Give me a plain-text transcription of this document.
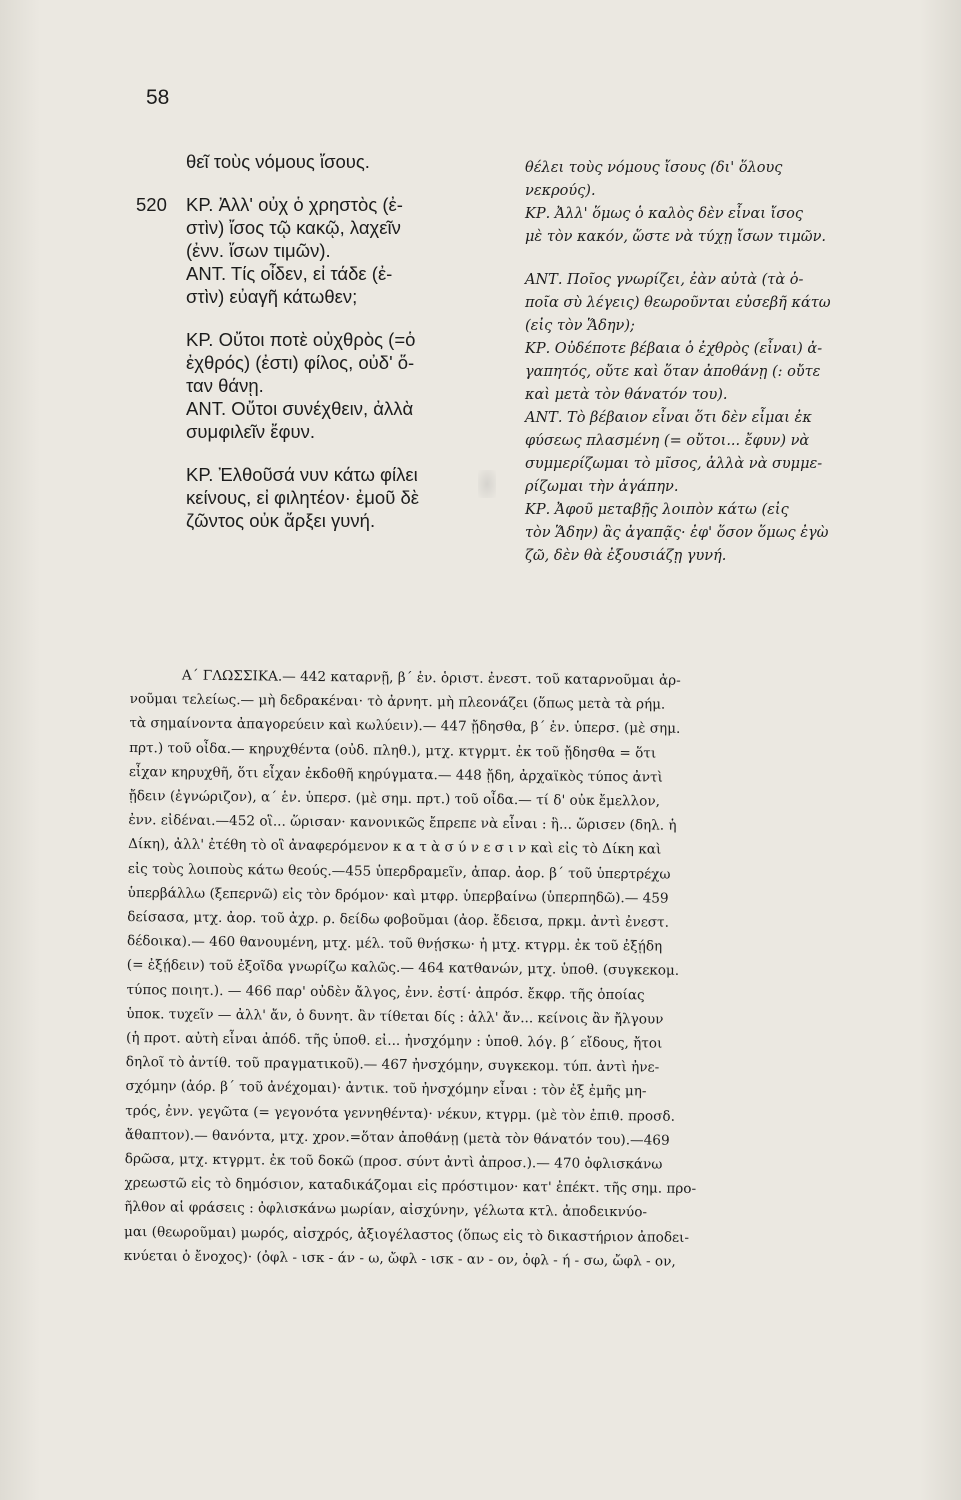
58
θεῖ τοὺς νόμους ἴσους.
520 ΚΡ. Ἀλλ' οὐχ ὁ χρηστὸς (ἐ-
στὶν) ἴσος τῷ κακῷ, λαχεῖν
(ἐνν. ἴσων τιμῶν).
ΑΝΤ. Τίς οἶδεν, εἰ τάδε (ἐ-
στὶν) εὐαγῆ κάτωθεν;
ΚΡ. Οὔτοι ποτὲ οὐχθρὸς (=ὁ
ἐχθρός) (ἐστι) φίλος, οὐδ' ὅ-
ταν θάνῃ.
ΑΝΤ. Οὔτοι συνέχθειν, ἀλλὰ
συμφιλεῖν ἔφυν.
ΚΡ. Ἐλθοῦσά νυν κάτω φίλει
κείνους, εἰ φιλητέον· ἐμοῦ δὲ
ζῶντος οὐκ ἄρξει γυνή.
θέλει τοὺς νόμους ἴσους (δι' ὅλους
νεκρούς).
ΚΡ. Ἀλλ' ὅμως ὁ καλὸς δὲν εἶναι ἴσος
μὲ τὸν κακόν, ὥστε νὰ τύχῃ ἴσων τιμῶν.
ΑΝΤ. Ποῖος γνωρίζει, ἐὰν αὐτὰ (τὰ ὁ-
ποῖα σὺ λέγεις) θεωροῦνται εὐσεβῆ κάτω
(εἰς τὸν Ἅδην);
ΚΡ. Οὐδέποτε βέβαια ὁ ἐχθρὸς (εἶναι) ἀ-
γαπητός, οὔτε καὶ ὅταν ἀποθάνῃ (: οὔτε
καὶ μετὰ τὸν θάνατόν του).
ΑΝΤ. Τὸ βέβαιον εἶναι ὅτι δὲν εἶμαι ἐκ
φύσεως πλασμένη (= οὔτοι... ἔφυν) νὰ
συμμερίζωμαι τὸ μῖσος, ἀλλὰ νὰ συμμε-
ρίζωμαι τὴν ἀγάπην.
ΚΡ. Ἀφοῦ μεταβῇς λοιπὸν κάτω (εἰς
τὸν Ἅδην) ἂς ἀγαπᾷς· ἐφ' ὅσον ὅμως ἐγὼ
ζῶ, δὲν θὰ ἐξουσιάζῃ γυνή.
Α΄ ΓΛΩΣΣΙΚΑ.— 442 καταρνῇ, β΄ ἑν. ὁριστ. ἐνεστ. τοῦ καταρνοῦμαι ἀρ-
νοῦμαι τελείως.— μὴ δεδρακέναι· τὸ ἀρνητ. μὴ πλεονάζει (ὅπως μετὰ τὰ ρήμ.
τὰ σημαίνοντα ἀπαγορεύειν καὶ κωλύειν).— 447 ᾔδησθα, β΄ ἑν. ὑπερσ. (μὲ σημ.
πρτ.) τοῦ οἶδα.— κηρυχθέντα (οὐδ. πληθ.), μτχ. κτγρμτ. ἐκ τοῦ ᾔδησθα = ὅτι
εἶχαν κηρυχθῆ, ὅτι εἶχαν ἐκδοθῆ κηρύγματα.— 448 ᾔδη, ἀρχαϊκὸς τύπος ἀντὶ
ᾔδειν (ἐγνώριζον), α΄ ἑν. ὑπερσ. (μὲ σημ. πρτ.) τοῦ οἶδα.— τί δ' οὐκ ἔμελλον,
ἐνν. εἰδέναι.—452 οἳ... ὥρισαν· κανονικῶς ἔπρεπε νὰ εἶναι : ἣ... ὥρισεν (δηλ. ἡ
Δίκη), ἀλλ' ἐτέθη τὸ οἳ ἀναφερόμενον κ α τ ὰ σ ύ ν ε σ ι ν καὶ εἰς τὸ Δίκη καὶ
εἰς τοὺς λοιποὺς κάτω θεούς.—455 ὑπερδραμεῖν, ἀπαρ. ἀορ. β΄ τοῦ ὑπερτρέχω
ὑπερβάλλω (ξεπερνῶ) εἰς τὸν δρόμον· καὶ μτφρ. ὑπερβαίνω (ὑπερπηδῶ).— 459
δείσασα, μτχ. ἀορ. τοῦ ἀχρ. ρ. δείδω φοβοῦμαι (ἀορ. ἔδεισα, πρκμ. ἀντὶ ἐνεστ.
δέδοικα).— 460 θανουμένη, μτχ. μέλ. τοῦ θνῄσκω· ἡ μτχ. κτγρμ. ἐκ τοῦ ἐξῄδη
(= ἐξῄδειν) τοῦ ἐξοῖδα γνωρίζω καλῶς.— 464 κατθανών, μτχ. ὑποθ. (συγκεκομ.
τύπος ποιητ.). — 466 παρ' οὐδὲν ἄλγος, ἐνν. ἐστί· ἀπρόσ. ἔκφρ. τῆς ὁποίας
ὑποκ. τυχεῖν — ἀλλ' ἄν, ὁ δυνητ. ἂν τίθεται δίς : ἀλλ' ἄν... κείνοις ἂν ἤλγουν
(ἡ προτ. αὐτὴ εἶναι ἀπόδ. τῆς ὑποθ. εἰ... ἠνσχόμην : ὑποθ. λόγ. β΄ εἴδους, ἤτοι
δηλοῖ τὸ ἀντίθ. τοῦ πραγματικοῦ).— 467 ἠνσχόμην, συγκεκομ. τύπ. ἀντὶ ἠνε-
σχόμην (ἀόρ. β΄ τοῦ ἀνέχομαι)· ἀντικ. τοῦ ἠνσχόμην εἶναι : τὸν ἐξ ἐμῆς μη-
τρός, ἐνν. γεγῶτα (= γεγονότα γεννηθέντα)· νέκυν, κτγρμ. (μὲ τὸν ἐπιθ. προσδ.
ἄθαπτον).— θανόντα, μτχ. χρον.=ὅταν ἀποθάνῃ (μετὰ τὸν θάνατόν του).—469
δρῶσα, μτχ. κτγρμτ. ἐκ τοῦ δοκῶ (προσ. σύντ ἀντὶ ἀπροσ.).— 470 ὀφλισκάνω
χρεωστῶ εἰς τὸ δημόσιον, καταδικάζομαι εἰς πρόστιμον· κατ' ἐπέκτ. τῆς σημ. προ-
ῆλθον αἱ φράσεις : ὀφλισκάνω μωρίαν, αἰσχύνην, γέλωτα κτλ. ἀποδεικνύο-
μαι (θεωροῦμαι) μωρός, αἰσχρός, ἀξιογέλαστος (ὅπως εἰς τὸ δικαστήριον ἀποδει-
κνύεται ὁ ἔνοχος)· (ὀφλ - ισκ - άν - ω, ὤφλ - ισκ - αν - ον, ὀφλ - ή - σω, ὤφλ - ον,
